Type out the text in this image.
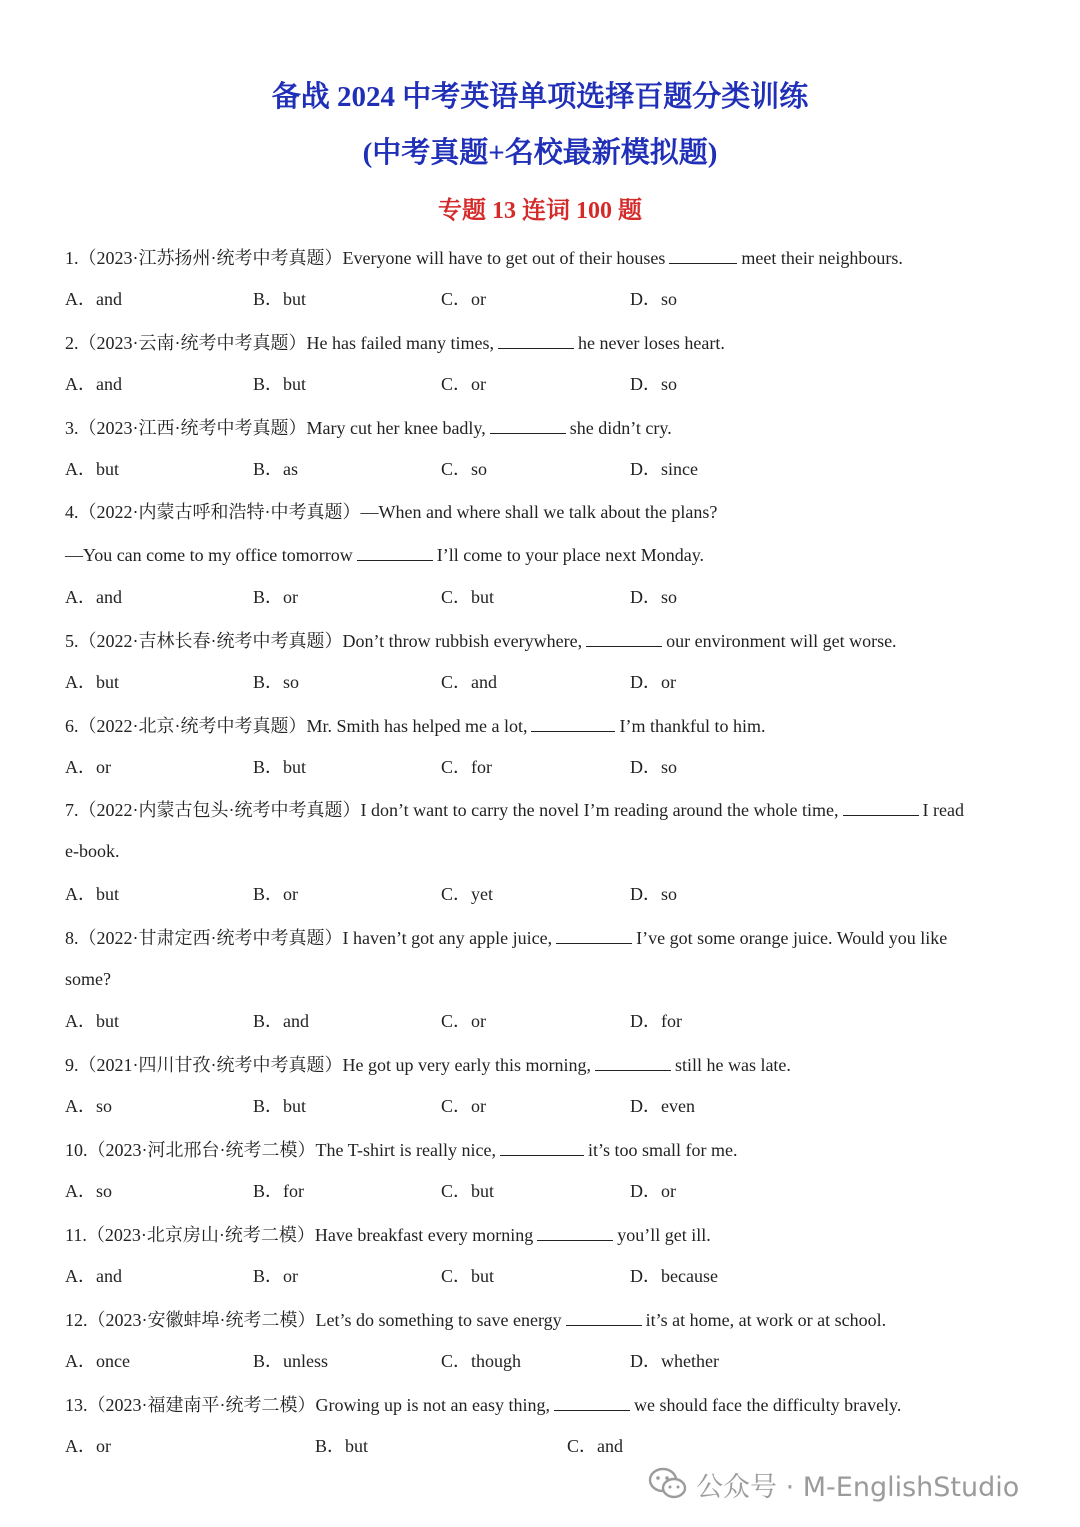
备战 2024 中考英语单项选择百题分类训练
(中考真题+名校最新模拟题)
专题 13 连词 100 题
1.（2023·江苏扬州·统考中考真题）Everyone will have to get out of their houses	meet their neighbours.
A．and	B．but	C．or	D．so
2.（2023·云南·统考中考真题）He has failed many times,	he never loses heart.
A．and	B．but	C．or	D．so
3.（2023·江西·统考中考真题）Mary cut her knee badly,	she didn’t cry.
A．but	B．as	C．so	D．since
4.（2022·内蒙古呼和浩特·中考真题）—When and where shall we talk about the plans?
—You can come to my office tomorrow	I’ll come to your place next Monday.
A．and	B．or	C．but	D．so
5.（2022·吉林长春·统考中考真题）Don’t throw rubbish everywhere,	our environment will get worse.
A．but	B．so	C．and	D．or
6.（2022·北京·统考中考真题）Mr. Smith has helped me a lot,	I’m thankful to him.
A．or	B．but	C．for	D．so
7.（2022·内蒙古包头·统考中考真题）I don’t want to carry the novel I’m reading around the whole time,	I read
e-book.
A．but	B．or	C．yet	D．so
8.（2022·甘肃定西·统考中考真题）I haven’t got any apple juice,	I’ve got some orange juice. Would you like
some?
A．but	B．and	C．or	D．for
9.（2021·四川甘孜·统考中考真题）He got up very early this morning,	still he was late.
A．so	B．but	C．or	D．even
10.（2023·河北邢台·统考二模）The T-shirt is really nice,	it’s too small for me.
A．so	B．for	C．but	D．or
11.（2023·北京房山·统考二模）Have breakfast every morning	you’ll get ill.
A．and	B．or	C．but	D．because
12.（2023·安徽蚌埠·统考二模）Let’s do something to save energy	it’s at home, at work or at school.
A．once	B．unless	C．though	D．whether
13.（2023·福建南平·统考二模）Growing up is not an easy thing,	we should face the difficulty bravely.
A．or	B．but	C．and
公众号 · M-EnglishStudio
